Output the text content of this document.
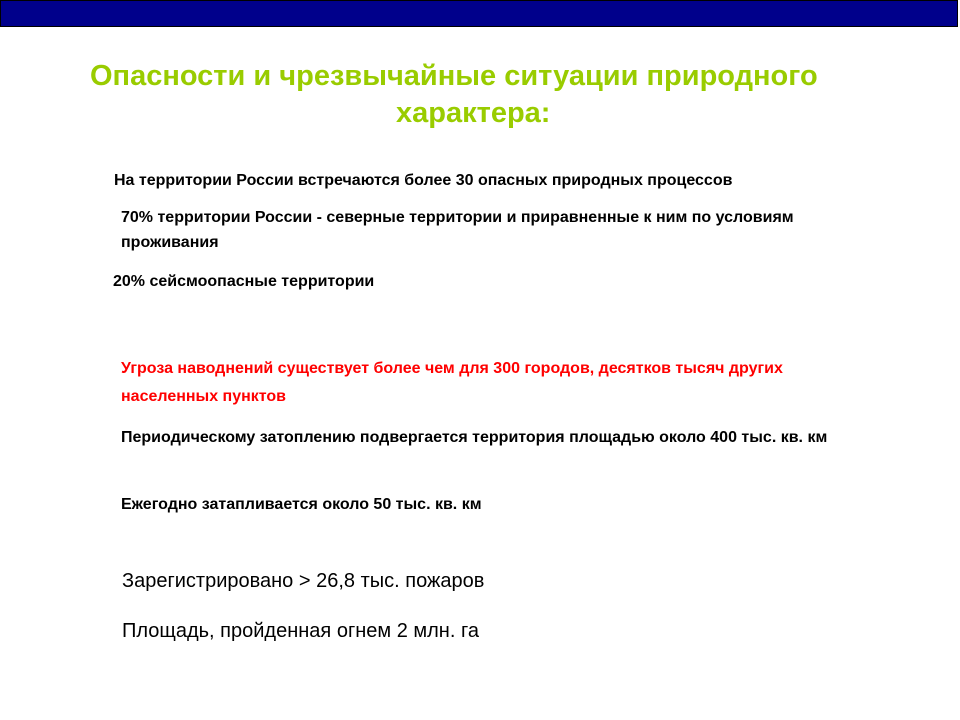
Опасности и чрезвычайные ситуации природного
характера:

На территории России встречаются более 30 опасных природных процессов

70% территории России - северные территории и приравненные к ним по условиям проживания

20% сейсмоопасные территории

Угроза наводнений существует более чем для 300 городов, десятков тысяч других населенных пунктов

Периодическому затоплению подвергается территория площадью около 400 тыс. кв. км

Ежегодно затапливается около 50 тыс. кв. км

Зарегистрировано > 26,8 тыс. пожаров

Площадь, пройденная огнем 2 млн. га
